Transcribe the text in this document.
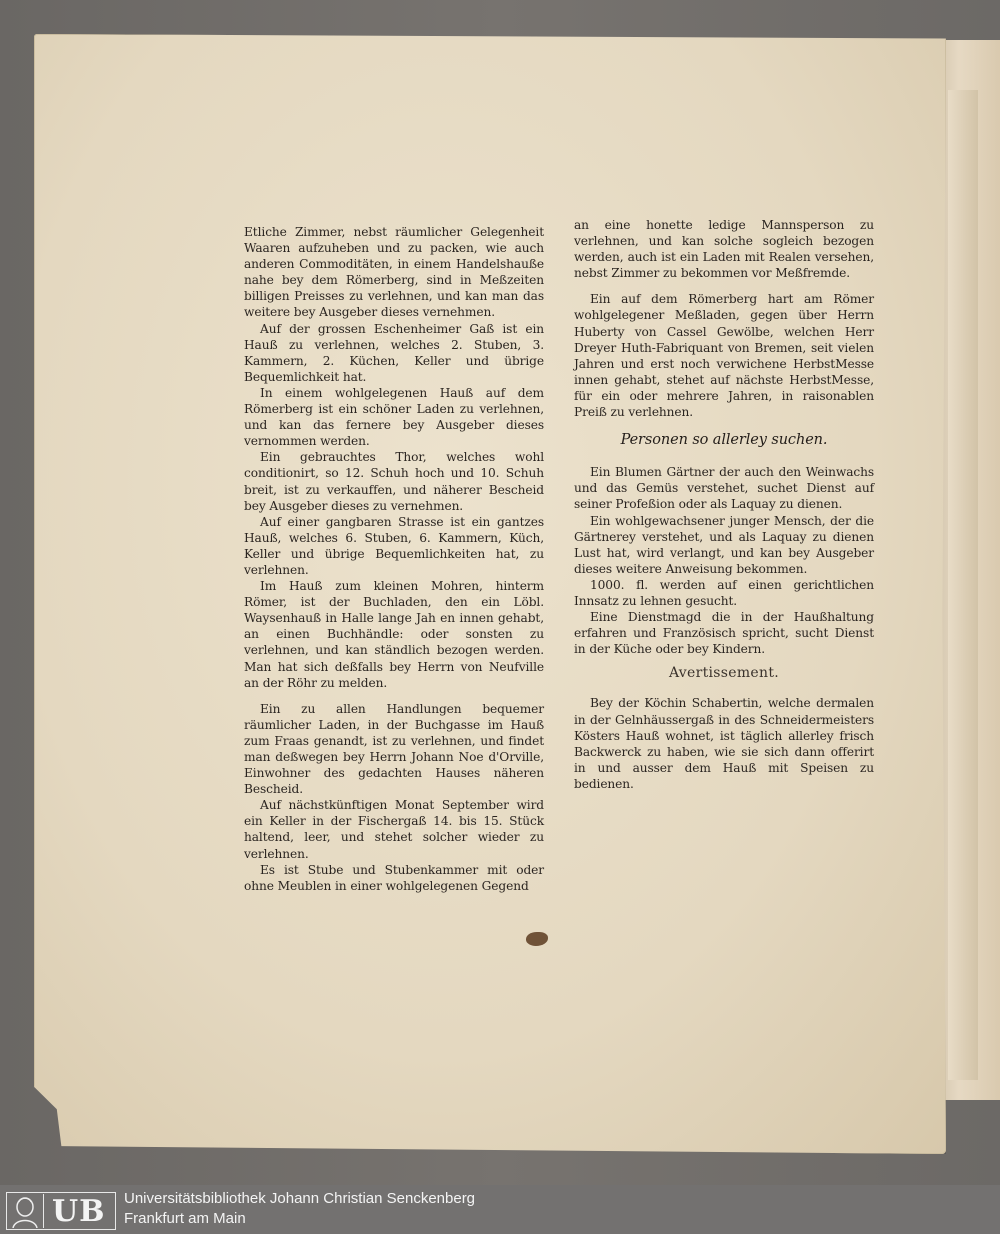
Etliche Zimmer, nebst räumlicher Gelegenheit Waaren aufzuheben und zu packen, wie auch anderen Commoditäten, in einem Handelshauße nahe bey dem Römerberg, sind in Meßzeiten billigen Preisses zu verlehnen, und kan man das weitere bey Ausgeber dieses vernehmen.

Auf der grossen Eschenheimer Gaß ist ein Hauß zu verlehnen, welches 2. Stuben, 3. Kammern, 2. Küchen, Keller und übrige Bequemlichkeit hat.

In einem wohlgelegenen Hauß auf dem Römerberg ist ein schöner Laden zu verlehnen, und kan das fernere bey Ausgeber dieses vernommen werden.

Ein gebrauchtes Thor, welches wohl conditionirt, so 12. Schuh hoch und 10. Schuh breit, ist zu verkauffen, und näherer Bescheid bey Ausgeber dieses zu vernehmen.

Auf einer gangbaren Strasse ist ein gantzes Hauß, welches 6. Stuben, 6. Kammern, Küch, Keller und übrige Bequemlichkeiten hat, zu verlehnen.

Im Hauß zum kleinen Mohren, hinterm Römer, ist der Buchladen, den ein Löbl. Waysenhauß in Halle lange Jah en innen gehabt, an einen Buchhändle: oder sonsten zu verlehnen, und kan ständlich bezogen werden. Man hat sich deßfalls bey Herrn von Neufville an der Röhr zu melden.

Ein zu allen Handlungen bequemer räumlicher Laden, in der Buchgasse im Hauß zum Fraas genandt, ist zu verlehnen, und findet man deßwegen bey Herrn Johann Noe d'Orville, Einwohner des gedachten Hauses näheren Bescheid.

Auf nächstkünftigen Monat September wird ein Keller in der Fischergaß 14. bis 15. Stück haltend, leer, und stehet solcher wieder zu verlehnen.

Es ist Stube und Stubenkammer mit oder ohne Meublen in einer wohlgelegenen Gegend

an eine honette ledige Mannsperson zu verlehnen, und kan solche sogleich bezogen werden, auch ist ein Laden mit Realen versehen, nebst Zimmer zu bekommen vor Meßfremde.

Ein auf dem Römerberg hart am Römer wohlgelegener Meßladen, gegen über Herrn Huberty von Cassel Gewölbe, welchen Herr Dreyer Huth-Fabriquant von Bremen, seit vielen Jahren und erst noch verwichene HerbstMesse innen gehabt, stehet auf nächste HerbstMesse, für ein oder mehrere Jahren, in raisonablen Preiß zu verlehnen.

Personen so allerley suchen.

Ein Blumen Gärtner der auch den Weinwachs und das Gemüs verstehet, suchet Dienst auf seiner Profeßion oder als Laquay zu dienen.

Ein wohlgewachsener junger Mensch, der die Gärtnerey verstehet, und als Laquay zu dienen Lust hat, wird verlangt, und kan bey Ausgeber dieses weitere Anweisung bekommen.

1000. fl. werden auf einen gerichtlichen Innsatz zu lehnen gesucht.

Eine Dienstmagd die in der Haußhaltung erfahren und Französisch spricht, sucht Dienst in der Küche oder bey Kindern.

Avertissement.

Bey der Köchin Schabertin, welche dermalen in der Gelnhäussergaß in des Schneidermeisters Kösters Hauß wohnet, ist täglich allerley frisch Backwerck zu haben, wie sie sich dann offerirt in und ausser dem Hauß mit Speisen zu bedienen.

UB Universitätsbibliothek Johann Christian Senckenberg
Frankfurt am Main
